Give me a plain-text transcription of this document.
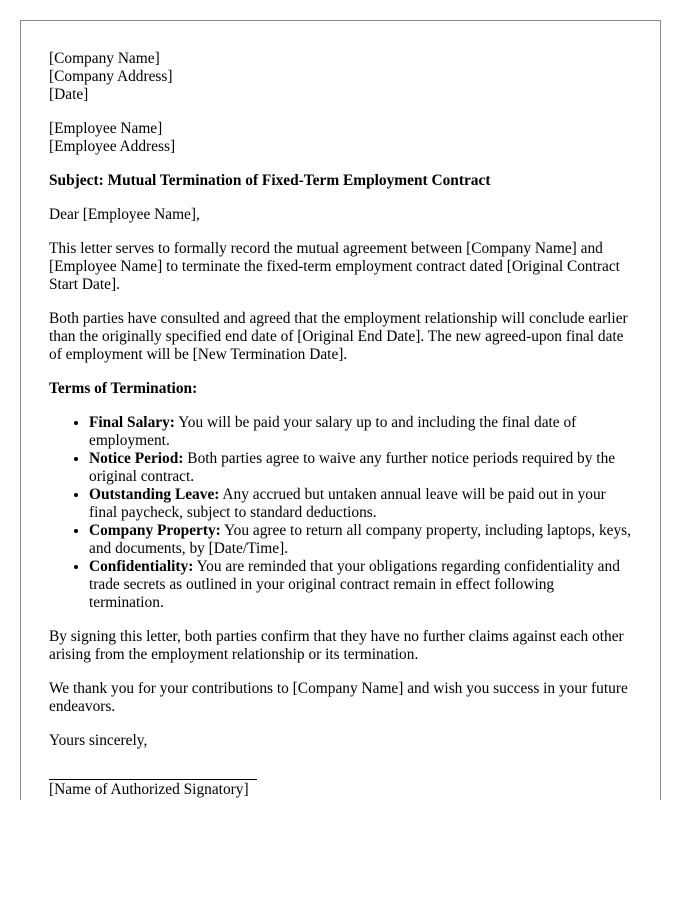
[Company Name]
[Company Address]
[Date]
[Employee Name]
[Employee Address]

Subject: Mutual Termination of Fixed-Term Employment Contract

Dear [Employee Name],

This letter serves to formally record the mutual agreement between [Company Name] and [Employee Name] to terminate the fixed-term employment contract dated [Original Contract Start Date].

Both parties have consulted and agreed that the employment relationship will conclude earlier than the originally specified end date of [Original End Date]. The new agreed-upon final date of employment will be [New Termination Date].

Terms of Termination:

• Final Salary: You will be paid your salary up to and including the final date of employment.
• Notice Period: Both parties agree to waive any further notice periods required by the original contract.
• Outstanding Leave: Any accrued but untaken annual leave will be paid out in your final paycheck, subject to standard deductions.
• Company Property: You agree to return all company property, including laptops, keys, and documents, by [Date/Time].
• Confidentiality: You are reminded that your obligations regarding confidentiality and trade secrets as outlined in your original contract remain in effect following termination.

By signing this letter, both parties confirm that they have no further claims against each other arising from the employment relationship or its termination.

We thank you for your contributions to [Company Name] and wish you success in your future endeavors.

Yours sincerely,

[Name of Authorized Signatory]
